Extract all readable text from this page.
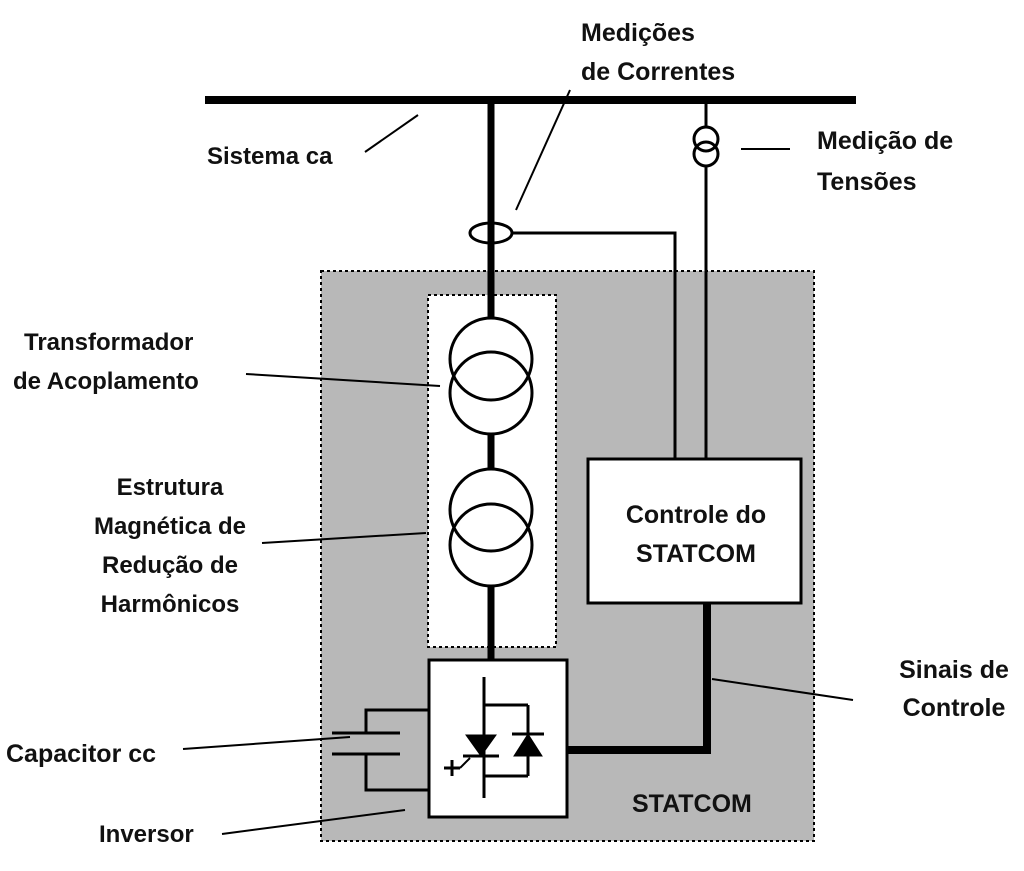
Controle do
STATCOM
Medições
de Correntes
Sistema ca
Medição de
Tensões
Transformador
de Acoplamento
Estrutura
Magnética de
Redução de
Harmônicos
Sinais de
Controle
Capacitor cc
Inversor
STATCOM
